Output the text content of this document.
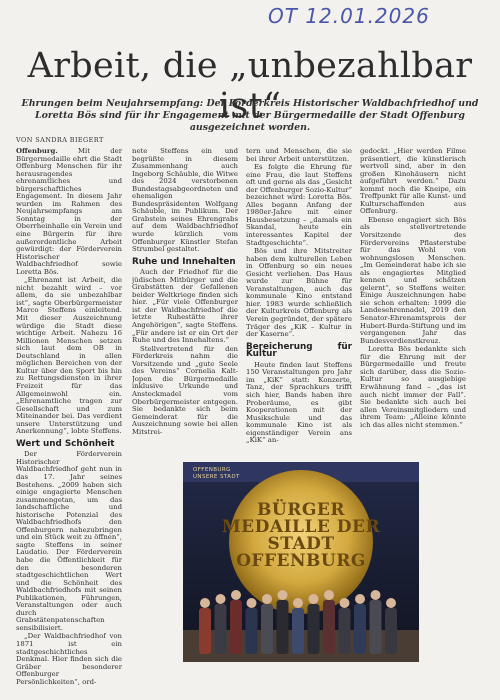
OT 12.01.2026
Arbeit, die „unbezahlbar ist“
Ehrungen beim Neujahrsempfang: Der Förderkreis Historischer Waldbachfriedhof und Loretta Bös sind für ihr Engagement mit der Bürgermedaille der Stadt Offenburg ausgezeichnet worden.
VON SANDRA BIEGERT

Offenburg. Mit der Bürgermedaille ehrt die Stadt Offenburg Menschen für ihr herausragendes ehrenamtliches und bürgerschaftliches Engagement. In diesem Jahr wurden im Rahmen des Neujahrsempfangs am Sonntag in der Oberrheinhalle ein Verein und eine Bürgerin für ihre außerordentliche Arbeit gewürdigt: der Förderverein Historischer Waldbachfriedhof sowie Loretta Bös.

„Ehrenamt ist Arbeit, die nicht bezahlt wird – vor allem, da sie unbezahlbar ist“, sagte Oberbürgermeister Marco Steffens einleitend. Mit dieser Auszeichnung würdige die Stadt diese wichtige Arbeit. Nahezu 16 Millionen Menschen setzen sich laut dem OB in Deutschland in allen möglichen Bereichen von der Kultur über den Sport bis hin zu Rettungsdiensten in ihrer Freizeit für das Allgemeinwohl ein. „Ehrenamtliche tragen zur Gesellschaft und zum Miteinander bei. Das verdient unsere Unterstützung und Anerkennung“, lobte Steffens.

Wert und Schönheit

Der Förderverein Historischer Waldbachfriedhof geht nun in das 17. Jahr seines Bestehens. „2009 haben sich einige engagierte Menschen zusammengetan, um das landschaftliche und historische Potenzial des Waldbachfriedhofs den Offenburgern nahezubringen und ein Stück weit zu öffnen“, sagte Steffens in seiner Laudatio. Der Förderverein habe die Öffentlichkeit für den besonderen stadtgeschichtlichen Wert und die Schönheit des Waldbachfriedhofs mit seinen Publikationen, Führungen, Veranstaltungen oder auch durch Grabstätenpatenschaften sensibilisiert.

„Der Waldbachfriedhof von 1871 ist ein stadtgeschichtliches Denkmal. Hier finden sich die Gräber besonderer Offenburger Persönlichkeiten“, ord-

nete Steffens ein und begrüßte in diesem Zusammenhang auch Ingeborg Schäuble, die Witwe des 2024 verstorbenen Bundestagsabgeordneten und ehemaligen Bundespräsidenten Wolfgang Schäuble, im Publikum. Der Grabstein seines Ehrengrabs auf dem Waldbachfriedhof wurde kürzlich vom Offenburger Künstler Stefan Strumbel gestaltet.

Ruhe und Innehalten

Auch der Friedhof für die jüdischen Mitbürger und die Grabstätten der Gefallenen beider Weltkriege finden sich hier. „Für viele Offenburger ist der Waldbachfriedhof die letzte Ruhestätte ihrer Angehörigen“, sagte Steffens. „Für andere ist er ein Ort der Ruhe und des Innehaltens.“

Stellvertretend für den Förderkreis nahm die Vorsitzende und „gute Seele des Vereins“ Cornelia Kalt-Jopen die Bürgermedaille inklusive Urkunde und Ansteckmadel vom Oberbürgermeister entgegen. Sie bedankte sich beim Gemeinderat für die Auszeichnung sowie bei allen Mitstrei-

tern und Menschen, die sie bei ihrer Arbeit unterstützen.

Es folgte die Ehrung für eine Frau, die laut Steffens oft und gerne als das „Gesicht der Offenburger Sozio-Kultur“ bezeichnet wird: Loretta Bös. Alles begann Anfang der 1980er-Jahre mit einer Hausbesetzung – „damals ein Skandal, heute ein interessantes Kapitel der Stadtgeschichte“.

Bös und ihre Mitstreiter haben dem kulturellen Leben in Offenburg so ein neues Gesicht verliehen. Das Haus wurde zur Bühne für Veranstaltungen, auch das kommunale Kino entstand hier. 1983 wurde schließlich der Kulturkreis Offenburg als Verein gegründet, der spätere Träger des „KiK – Kultur in der Kaserne“.

Bereicherung für Kultur

Heute finden laut Steffens 150 Veranstaltungen pro Jahr im „KiK“ statt: Konzerte, Tanz, der Sprachkurs trifft sich hier, Bands haben ihre Proberäume, es gibt Kooperationen mit der Musikschule und das kommunale Kino ist als eigenständiger Verein ans „KiK“ an-

gedockt. „Hier werden Filme präsentiert, die künstlerisch wertvoll sind, aber in den großen Kinohäusern nicht aufgeführt werden.“ Dazu kommt noch die Kneipe, ein Treffpunkt für alle Kunst- und Kulturschaffenden aus Offenburg.

Ebenso engagiert sich Bös als stellvertretende Vorsitzende des Fördervereins Pflasterstube für das Wohl von wohnungslosen Menschen. „Im Gemeinderat habe ich sie als engagiertes Mitglied kennen und schätzen gelernt“, so Steffens weiter. Einige Auszeichnungen habe sie schon erhalten: 1999 die Landesehrennadel, 2019 den Senator-Ehrenamtspreis der Hubert-Burda-Stiftung und im vergangenen Jahr das Bundesverdienstkreuz.

Loretta Bös bedankte sich für die Ehrung mit der Bürgermedaille und freute sich darüber, dass die Sozio-Kultur so ausgiebige Erwähnung fand – „das ist auch nicht immer der Fall“. Sie bedankte sich auch bei allen Vereinsmitgliedern und ihrem Team: „Alleine könnte ich das alles nicht stemmen.“

OFFENBURG
UNSERE STADT
BÜRGER MEDAILLE DER STADT OFFENBURG
